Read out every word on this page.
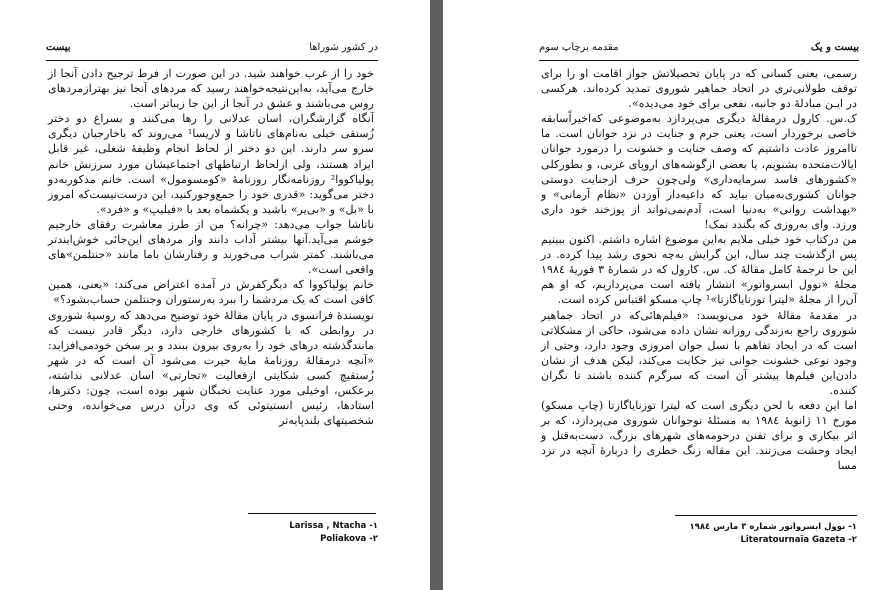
بیست	در کشور شوراها

خود را از غرب خواهند شید. در این صورت از فرط ترجیح دادن آنجا از خارج می‌آید، به‌این‌نتیجه‌خواهند رسید که مردهای آنجا نیز بهترازمردهای روس می‌باشند و عشق در آنجا از این جا زیباتر است.

آنگاه گزارشگران، اسان عدلانی را رها می‌کنند و بسراغ دو دختر زُستقی خیلی به‌نام‌های ناتاشا و لاریسا¹ می‌روند که باخارجیان دیگری سرو سر دارند. این دو دختر از لحاظ انجام وظیفهٔ شغلی، غیر قابل ایراد هستند، ولی ازلحاظ ارتباطهای اجتماعیشان مورد سرزنش خانم پولیاکووا² روزنامه‌نگار روزنامهٔ «کومسومول» است. خانم مذکوربه‌دو دختر می‌گوید: «قدری خود را جمع‌وجورکنید، این درست‌نیست‌که امروز با «بل» و «بی‌یر» باشید و یکشماه بعد با «فیلیپ» و «فرد».

ناتاشا جواب می‌دهد: «چرا‌نه؟ من از طرز معاشرت رفقای خارجیم خوشم می‌آید.آنها بیشتر آداب دانند واز مردهای این‌جائی خوش‌ایندتر می‌باشند. کمتر شراب می‌خورند و رفتارشان باما مانند «جنتلمن»های واقعی است».

خانم پولیاکووا که دیگرکفرش در آمده اعتراض می‌کند: «یعنی، همین کافی است که یک مردشما را ببرد به‌رستوران وجنتلمن حساب‌بشود؟»

نویسندهٔ فرانسوی در پایان مقالهٔ خود توضیح می‌دهد که روسیهٔ شوروی در روابطی که با کشورهای خارجی دارد، دیگر قادر نیست که مانندگذشته درهای خود را به‌روی بیرون ببندد و بر سخن خودمی‌افزاید: «آنچه درمقالهٔ روزنامهٔ مایهٔ حیرت می‌شود آن است که در شهر زُستقیچ کسی شکایتی ازفعالیت «تجارتی» اسان عدلانی نداشته، برعکس، اوخیلی مورد عنایت نخبگان شهر بوده است، چون: دکترها، استادها، رئیس انستیتوئی که وی درآن درس می‌خوانده، وحتی شخصیتهای بلندپایه‌تر

Larissa , Ntacha -١
Poliakova -٢
مقدمه برچاپ سوم	بیست و یک

رسمی، یعنی کسانی که در پایان تحصیلاتش جواز اقامت او را برای توقف طولانی‌تری در اتحاد جماهیر شوروی تمدید کرده‌اند. هرکسی در ایـن مبادلهٔ دو جانبه، نفعی برای خود می‌دیده».

ک.س. کارول درمقالهٔ دیگری می‌پردازد به‌موضوعی که‌اخیراًسابقه خاصی برخوردار است، یعنی جرم و جنایت در نزد جوانان است. ما تاامروز عادت داشتیم که وصف جنایت و خشونت را درمورد جوانان ایالات‌متحده بشنویم، یا بعضی ازگوشه‌های اروپای غربی، و بطورکلی «کشورهای فاسد سرمایه‌داری» ولی‌چون حرف ازجنایت دوستی جوانان کشوری‌به‌میان بیاید که داعیه‌دار آوردن «نظام آرمانی» و «بهداشت روانی» به‌دنیا است، آدم‌نمی‌تواند از پوزخند خود داری ورزد. وای به‌روزی که بگندد نمک!

من درکتاب خود خیلی ملایم به‌این موضوع اشاره داشتم. اکنون ببینیم پس ازگذشت چند سال، این گرایش به‌چه نحوی رشد پیدا کرده. در این جا ترجمهٔ کامل مقالهٔ ک. س. کارول که در شمارهٔ ٣ فوریهٔ ١٩٨٤ مجلهٔ «نوول ابسرواتور» انتشار یافته است می‌پردازیم، که او هم آن‌را از مجلهٔ «لیترا توزنایاگازتا»¹ چاپ مسکو اقتباس کرده است.

در مقدمهٔ مقالهٔ خود می‌نویسد: «فیلم‌هائی‌که در اتحاد جماهیر شوروی راجع به‌زندگی روزانه نشان داده می‌شود، حاکی از مشکلاتی است که در ایجاد تفاهم با نسل جوان امروزی وجود دارد، وحتی از وجود نوعی خشونت جوانی نیز حکایت می‌کند، لیکن هدف از نشان دادن‌این فیلم‌ها بیشتر آن است که سرگرم کننده باشند تا نگران کننده.

اما این دفعه با لحن دیگری است که لیترا توزنایاگازتا (چاپ مسکو) مورخ ١١ ژانویهٔ ١٩٨٤ به مسئلهٔ نوجوانان شوروی می‌پردازد، که بر اثر بیکاری و برای تفنن درحومه‌های شهرهای بزرگ، دست‌به‌قتل و ایجاد وحشت می‌زنند. این مقاله زنگ خطری را دربارهٔ آنچه در نزد مسا

١- نوول ابسرواتور شماره ٣ مارس ١٩٨٤
Literatournaïa Gazeta -٢
